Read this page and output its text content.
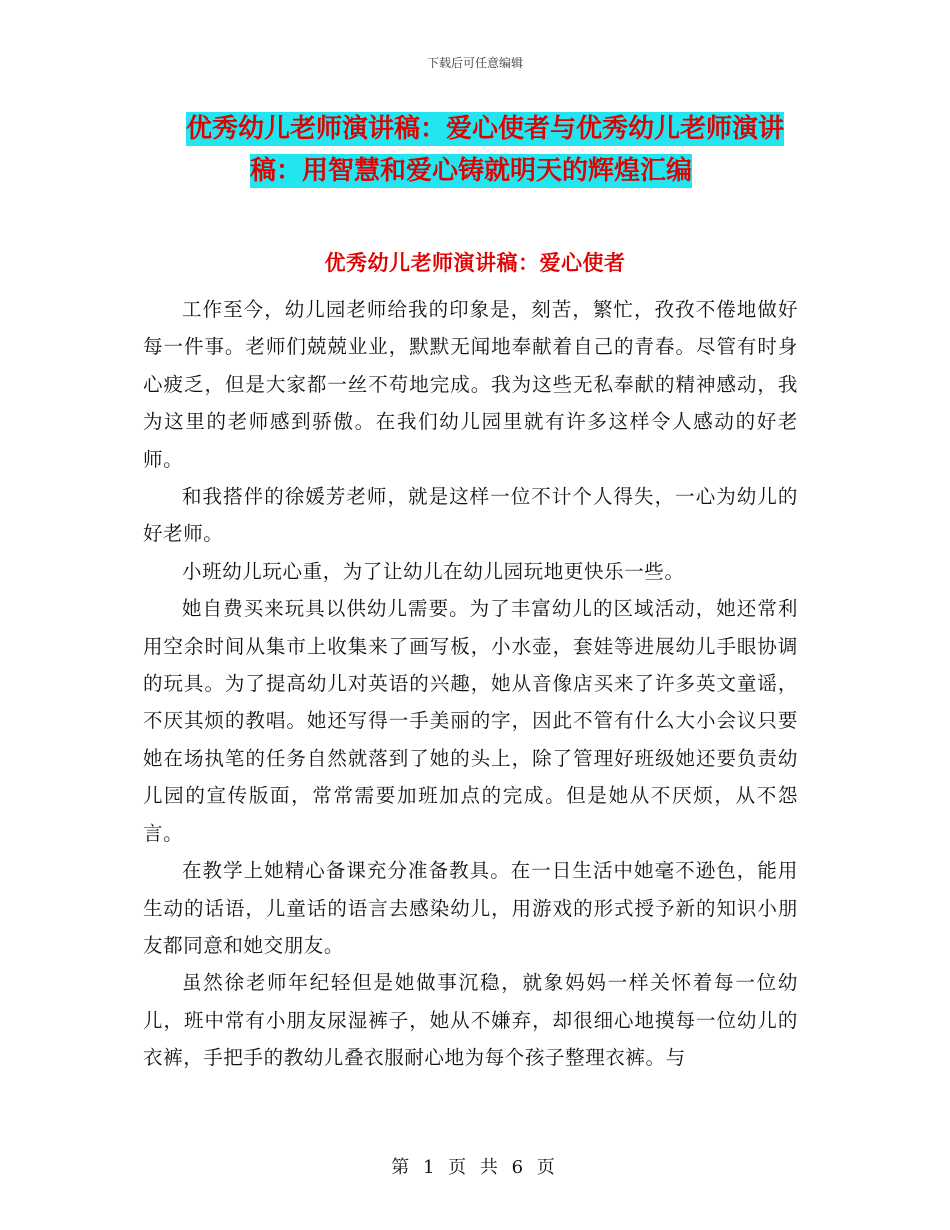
下载后可任意编辑
优秀幼儿老师演讲稿：爱心使者与优秀幼儿老师演讲
稿：用智慧和爱心铸就明天的辉煌汇编
优秀幼儿老师演讲稿：爱心使者

工作至今，幼儿园老师给我的印象是，刻苦，繁忙，孜孜不倦地做好每一件事。老师们兢兢业业，默默无闻地奉献着自己的青春。尽管有时身心疲乏，但是大家都一丝不苟地完成。我为这些无私奉献的精神感动，我为这里的老师感到骄傲。在我们幼儿园里就有许多这样令人感动的好老师。

和我搭伴的徐媛芳老师，就是这样一位不计个人得失，一心为幼儿的好老师。

小班幼儿玩心重，为了让幼儿在幼儿园玩地更快乐一些。

她自费买来玩具以供幼儿需要。为了丰富幼儿的区域活动，她还常利用空余时间从集市上收集来了画写板，小水壶，套娃等进展幼儿手眼协调的玩具。为了提高幼儿对英语的兴趣，她从音像店买来了许多英文童谣，不厌其烦的教唱。她还写得一手美丽的字，因此不管有什么大小会议只要她在场执笔的任务自然就落到了她的头上，除了管理好班级她还要负责幼儿园的宣传版面，常常需要加班加点的完成。但是她从不厌烦，从不怨言。

在教学上她精心备课充分准备教具。在一日生活中她毫不逊色，能用生动的话语，儿童话的语言去感染幼儿，用游戏的形式授予新的知识小朋友都同意和她交朋友。

虽然徐老师年纪轻但是她做事沉稳，就象妈妈一样关怀着每一位幼儿，班中常有小朋友尿湿裤子，她从不嫌弃，却很细心地摸每一位幼儿的衣裤，手把手的教幼儿叠衣服耐心地为每个孩子整理衣裤。与

第 1 页 共 6 页
